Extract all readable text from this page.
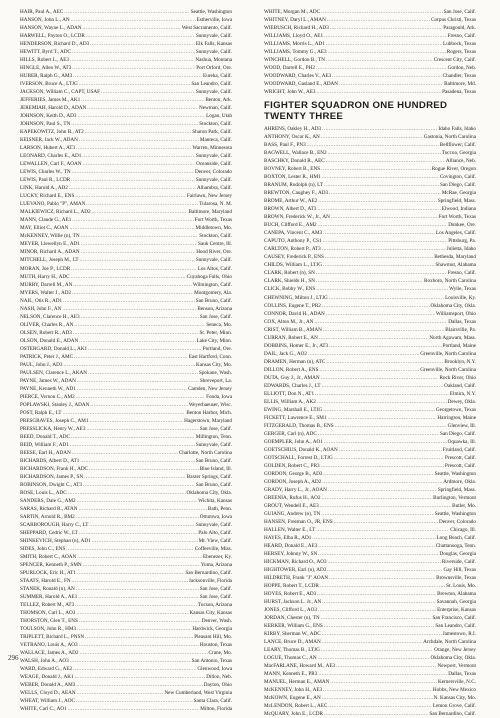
HAIR, Paul A., AEC .....	Seattle, Washington
HANSON, John L., AN .....	Estherville, Iowa
HANSON, Wayne L., ADAN .....	West Sacramento, Calif.
HARWELL, Payton O., LCDR .....	Sunnyvale, Calif.
HENDERSON, Richard D., AD3 .....	Elk Falls, Kansas
HEWITT, Byrd T., ADC .....	Sunnyvale, Calif.
HILLS, Robert L., AE3 .....	Nashua, Montana
HINGLE, Allen W., AT3 .....	Port Orford, Ore.
HUBER, Ralph G., AM3 .....	Eureka, Calif.
IVERSON, Bruce A., LTJG .....	San Leandro, Calif.
JACKSON, William C., CAPT, USAF .....	Sunnyvale, Calif.
JEFFERIES, James M., AK1 .....	Benton, Ark.
JEREMIAH, Harold D., ADAN .....	Newman, Calif.
JOHNSON, Keith D., AD3 .....	Logan, Utah
JOHNSON, Paul S., TN .....	Stockton, Calif.
KAPEKOWITZ, John B., AT2 .....	Sharon Park, Calif.
KEISNER, Jack W., ADAN .....	Manteca, Calif.
LARSON, Hubert A., AT3 .....	Warren, Minnesota
LEONARD, Charles E., AD1 .....	Sunnyvale, Calif.
LEWALLEN, Carl F., AOAN .....	Oceanside, Calif.
LEWIS, Charles W., TN .....	Denver, Colorado
LEWIS, Paul R., LCDR .....	Sunnyvale, Calif.
LINK, Harold A., AD2 .....	Alhambra, Calif.
LUCKY, Richard E., ENS .....	Fairlawn, New Jersey
LUEVANO, Pablo "P", AMAN .....	Tularosa, N. M.
MALKIEWICZ, Richard L., AD2 .....	Baltimore, Maryland
MANN, Claude G., AE1 .....	Fort Worth, Texas
MAY, Elliot C., AOAN .....	Middletown, Mo.
McKENNEY, Willie (n), TN .....	Stockton, Calif.
MEYER, Llewellyn E., AD1 .....	Sauk Centre, Ill.
MINOR, Richard A., ADAN .....	Hood River, Ore.
MITCHELL, Joseph M., LT .....	Sunnyvale, Calif.
MORAN, Joe P., LCDR .....	Los Altos, Calif.
MUTH, Harry H., ADC .....	Cuyahoga Falls, Ohio
MURRY, Darrell M., AN .....	Wilmington, Calif.
MYERS, Walter J., AD2 .....	Montgomery, Ala.
NAIL, Otis R., AD1 .....	San Bruno, Calif.
NASH, John F., AN .....	Benson, Arizona
NELSON, Clarence H., AE3 .....	San Jose, Calif.
OLIVER, Charles R., AN .....	Seneca, Mo.
OLSEN, Robert R., AD3 .....	St. Peter, Minn.
OLSON, Donald E., ADAN .....	Lake City, Minn.
OSTERGARD, Donald L., AK1 .....	Portland, Ore.
PATRICK, Peter J., AMC .....	East Hartford, Conn.
PAUL, John J., AD3 .....	Kansas City, Mo.
PAULSEN, Clarence L., AKAN .....	Spokane, Wash.
PAYNE, James W., ADAN .....	Shreveport, La.
PAYNE, Kenneth W., AD1 .....	Camden, New Jersey
PIERCE, Vernon C., AM2 .....	Fonda, Iowa
POPLAWSKI, Stanley J., ADAN .....	Weyerhaeuser, Wisc.
POST, Ralph E., LT .....	Benton Harbor, Mich.
PRESGRAVES, Joseph C., AM1 .....	Hagerstown, Maryland
PRESSLICKA, Henry W., AE3 .....	San Jose, Calif.
REED, Donald T., ADC .....	Millington, Tenn.
REID, William F., AD1 .....	Sunnyvale, Calif.
REESE, Earl H., ADAN .....	Charlotte, North Carolina
RICHARDS, Albert D., AT1 .....	San Bruno, Calif.
RICHARDSON, Frank H., ADC .....	Blue Island, Ill.
RICHARDSON, James P., SN .....	Baxter Springs, Calif.
ROBINSON, Dwight C., AT3 .....	San Bruno, Calif.
ROSE, Louis L., ADC .....	Oklahoma City, Okla.
SANDERS, Dale G., AM2 .....	Wichita, Kansas
SARAS, Richard R., ATAN .....	Bath, Penn.
SARTIN, Arnold R., BM2 .....	Ottumwa, Iowa
SCARBOROUGH, Harry C., LT .....	Sunnyvale, Calif.
SHEPPARD, Cedric W., LT .....	Palo Alto, Calif.
SHINKEVICH, Stephan (n), AD1 .....	Mt. View, Calif.
SIDES, John C., ENS .....	Coffeeville, Miss.
SMITH, Robert C., AOAN .....	Ebenezer, Ky.
SPENCER, Kenneth P., SMN .....	Yuma, Arizona
SPURLOCK, Eric H., AT1 .....	San Bernardino, Calif.
STAATS, Harold E., FN .....	Jacksonville, Florida
STANEK, Ronald (n), AN .....	San Jose, Calif.
SUMMER, Harold A., AE1 .....	San Jose, Calif.
TELLEZ, Robert M., AT3 .....	Tucson, Arizona
THOMSON, Carl L., AO3 .....	Kansas City, Kansas
THORSTON, Glen T., ENS .....	Denver, Wash.
TOULSON, John R., HM3 .....	Hardwick, Georgia
TRIPLETT, Richard L., PNSN .....	Pleasant Hill, Mo.
VETRANO, Louis A., AO3 .....	Houston, Texas
WALLACE, James A., AD2 .....	Crane, Mo.
WALSH, John A., AO3 .....	San Antonio, Texas
WARD, Edward G., AE2 .....	Glenwood, Iowa
WEAGE, Donald J., AK1 .....	Dillon, Neb.
WEBER, Donald A., AM3 .....	Dayton, Ohio
WELLS, Cloyd D., AEAN .....	New Cumberland, West Virginia
WHEAT, William J., AOC .....	Santa Clara, Calif.
WHITE, Carl C., AO1 .....	Milton, Florida
WHITE, Morgan M., ADC .....	San Jose, Calif.
WHITNEY, Daryl L., AMAN .....	Corpus Christi, Texas
WIEBUSCH, Richard H., AD3 .....	Paragould, Ark.
WILLIAMS, Lloyd O., AE1 .....	Fresno, Calif.
WILLIAMS, Morris L., AD1 .....	Lubbock, Texas
WILLIAMS, Tommy G., AE3 .....	Rogers, Texas
WINCHELL, Gordon B., TN .....	Crescent City, Calif.
WOOD, Darrell E., PH2 .....	Gordon, Neb.
WOODWARD, Charles V., AE3 .....	Chandler, Texas
WOODWARD, Gasland E., ADAN .....	Baltimore, Md.
WRIGHT, John W., AE3 .....	Pasadena, Texas
FIGHTER SQUADRON ONE HUNDRED
TWENTY THREE
AHRENS, Oakley H., AD3 .....	Idaho Falls, Idaho
ANTHONY, Oscar K., AN .....	Gastonia, North Carolina
BASS, Paul F., PN3 .....	Bellflower, Calif.
BAGWELL, Wallace B., EN2 .....	Toccoa, Georgia
BASCHKY, Donald R., AEC .....	Alliance, Neb.
BOVNEY, Robert B., ENS .....	Rogue River, Oregon
BOXTON, Lester R., HM1 .....	Covington, Calif.
BRANUM, Rudolph (n), LT .....	San Diego, Calif.
BREWTON, Caughey F., AD3 .....	McRae, Georgia
BROME, Arthur W., AE2 .....	Springfield, Mass.
BROWN, Albert D., AT3 .....	Elwood, Indiana
BROWN, Frederick W., Jr., AN .....	Fort Worth, Texas
BUCH, Clifford E., AM2 .....	Dunkee, Ore.
CANEPA, Vincent C., AM3 .....	Los Angeles, Calif.
CAPUTO, Anthony P., CS1 .....	Pittsburg, Pa.
CARLTON, Robert P., AT3 .....	Julietta, Idaho
CAUSEY, Frederick P., ENS .....	Bethesda, Maryland
CHILDS, William L., LTJG .....	Shawmut, Alabama
CLARK, Robert (n), SN .....	Fresno, Calif.
CLARK, Shields H., SN .....	Roxboro, North Carolina
CLICK, Bobby W., ENS .....	Wylie, Texas
CHEWNING, Milton J., LTJG .....	Louisville, Ky.
COLLINS, Eugene T., PR2 .....	Oklahoma City, Okla.
CONNOR, David H., ADAN .....	Williamsport, Ohio
COX, Alton M., Jr., AN .....	Dallas, Texas
CRIST, William B., AMAN .....	Blairsville, Pa.
CURRAN, Robert E., AN .....	North Agawam, Mass.
DOBBINS, Homer E., Jr., AT3 .....	Portland, Maine
DAIL, Jack G., AO2 .....	Greenville, North Carolina
DRAMEN, Herman (n), ATC .....	Brooklyn, N.Y.
DILLON, Robert A., ENS .....	Greenville, North Carolina
DUTA, Guy J., Jr., AMAN .....	Rock River, Ohio
EDWARDS, Charles J., LT .....	Oakland, Calif.
ELLIOTT, Don N., AT1 .....	Elmira, N.Y.
ELLIS, William A., AK2 .....	Dewey, Okla.
EWING, Marshall E., LTJG .....	Georgetown, Texas
FICKETT, Lawrence E., SM1 .....	Harrington, Maine
FITZGERALD, Thomas B., ENS .....	Glenview, Ill.
GERGER, Carl (n), ADC .....	San Diego, Calif.
GOEMPLER, John A., AO1 .....	Oquawka, Ill.
GOETSCHIUS, Donald K., AOAN .....	Fruitland, Calif.
GOTSCHALL, Forrest D., LTJG .....	Prescott, Calif.
GOLDEN, Robert C., PR3 .....	Prescott, Calif.
GORDON, George B., AD3 .....	Seattle, Washington
GORDON, Joseph A., AD2 .....	Ardmore, Okla.
GRADY, Harry L., Jr., AOAN .....	Springfield, Mass.
GREENIA, Rufus H., AO2 .....	Burlington, Vermont
GROUT, Wendell E., AE3 .....	Butler, Mo.
GUIANG, Andrew (n), TN .....	Seattle, Washington
HANSEN, Freeman O., JR, ENS .....	Denver, Colorado
HALLEN, Walter E., LT .....	Chicago, Ill.
HAYES, Elba R., AD1 .....	Long Beach, Calif.
HEARD, Donald E., AE3 .....	Chattanooga, Tenn.
HERSEY, Johnny W., SN .....	Douglas, Georgia
HICKMAN, Richard O., AO3 .....	Riverside, Calif.
HIGHTOWER, Earl (n), AD3 .....	Gay Hill, Texas
HILDRETH, Frank "J" AOAN .....	Brownsville, Texas
HOPPE, Robert T., LCDR .....	St. Louis, Mo.
HOYES, Robert E., AD3 .....	Brewton, Alabama
HURST, Jackson L. Jr., AN .....	Savannah, Georgia
JONES, Clifford L., AO3 .....	Enterprise, Kansas
JORDAN, Chester (n), TN .....	San Francisco, Calif.
KERKER, William G., ENS .....	San Leandro, Calif.
KIRBY, Sherman W., ADC .....	Jamestown, R.I.
LANCE, Bruce D., AMAN .....	Archdale, North Carolina
LEARY, Thomas B., LTJG .....	Orange, New Jersey
LOGUE, Thomas C., AN .....	Oklahoma City, Okla.
MacFARLANE, Howard M., AE3 .....	Newport, Vermont
MANN, Kenneth E., PR3 .....	Dallas, Texas
MANUEL, Herman E., AMAN .....	Kernersville, N.C.
McKENNEY, John H., AE3 .....	Hobbs, New Mexico
McKOWN, Eugene E., AN .....	N. Kansas City, Mo.
McLENDON, Robert L., AEC .....	Lemon Grove, Calif.
McQUARY, John E., LCDR .....	San Bernardino, Calif.
296
